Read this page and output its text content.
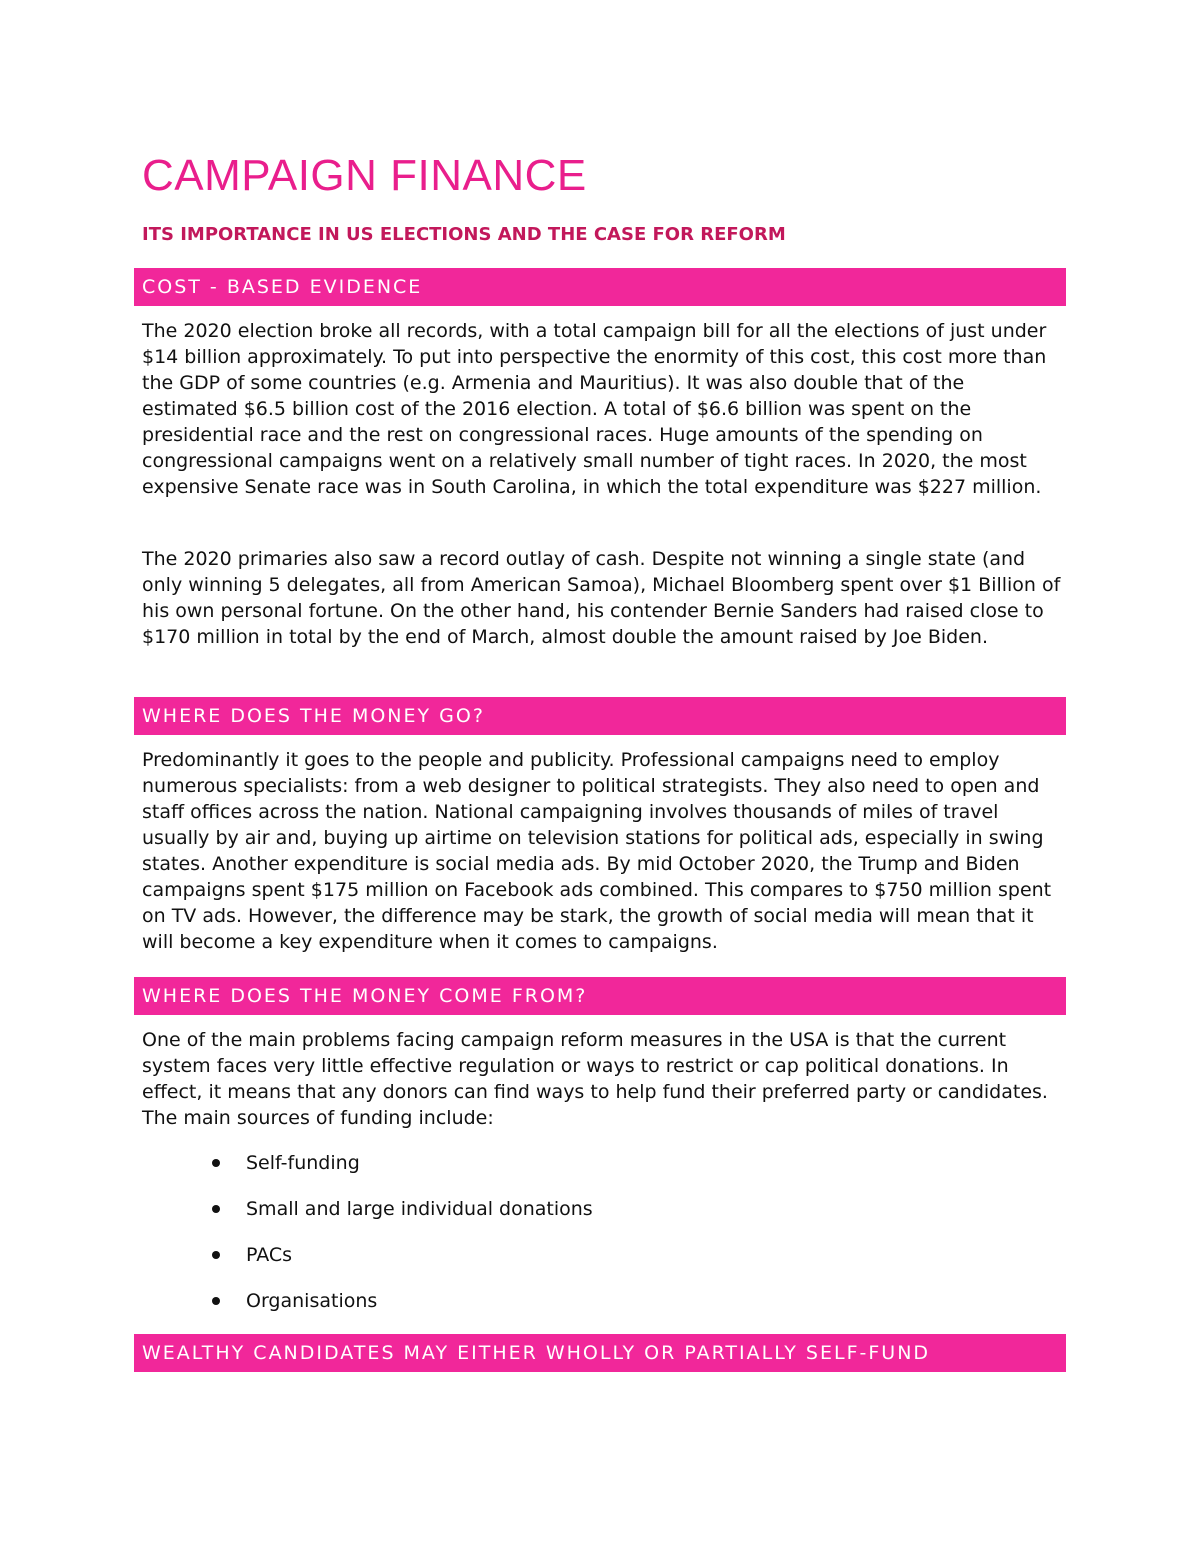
CAMPAIGN FINANCE
ITS IMPORTANCE IN US ELECTIONS AND THE CASE FOR REFORM
COST - BASED EVIDENCE

The 2020 election broke all records, with a total campaign bill for all the elections of just under $14 billion approximately. To put into perspective the enormity of this cost, this cost more than the GDP of some countries (e.g. Armenia and Mauritius). It was also double that of the estimated $6.5 billion cost of the 2016 election. A total of $6.6 billion was spent on the presidential race and the rest on congressional races. Huge amounts of the spending on congressional campaigns went on a relatively small number of tight races. In 2020, the most expensive Senate race was in South Carolina, in which the total expenditure was $227 million.

The 2020 primaries also saw a record outlay of cash. Despite not winning a single state (and only winning 5 delegates, all from American Samoa), Michael Bloomberg spent over $1 Billion of his own personal fortune. On the other hand, his contender Bernie Sanders had raised close to $170 million in total by the end of March, almost double the amount raised by Joe Biden.

WHERE DOES THE MONEY GO?

Predominantly it goes to the people and publicity. Professional campaigns need to employ numerous specialists: from a web designer to political strategists. They also need to open and staff offices across the nation. National campaigning involves thousands of miles of travel usually by air and, buying up airtime on television stations for political ads, especially in swing states. Another expenditure is social media ads. By mid October 2020, the Trump and Biden campaigns spent $175 million on Facebook ads combined. This compares to $750 million spent on TV ads. However, the difference may be stark, the growth of social media will mean that it will become a key expenditure when it comes to campaigns.

WHERE DOES THE MONEY COME FROM?

One of the main problems facing campaign reform measures in the USA is that the current system faces very little effective regulation or ways to restrict or cap political donations. In effect, it means that any donors can find ways to help fund their preferred party or candidates. The main sources of funding include:

Self-funding
Small and large individual donations
PACs
Organisations
WEALTHY CANDIDATES MAY EITHER WHOLLY OR PARTIALLY SELF-FUND
